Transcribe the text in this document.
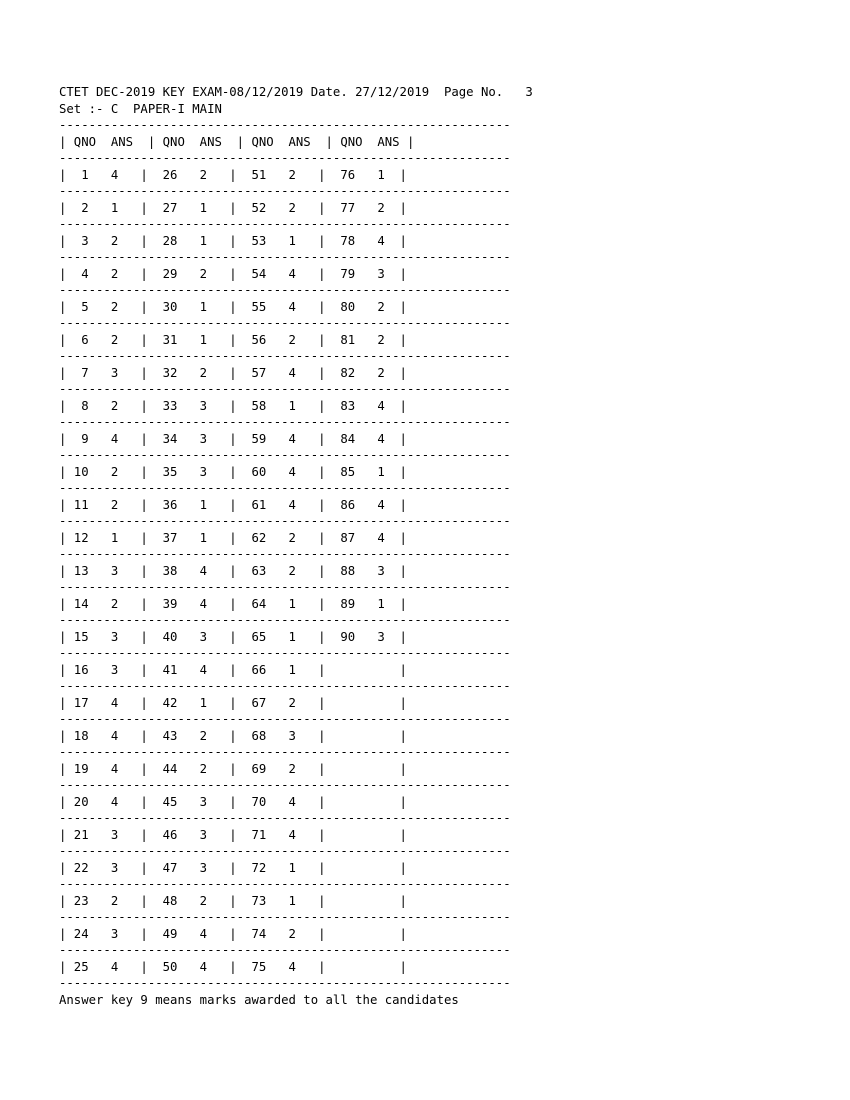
CTET DEC-2019 KEY EXAM-08/12/2019 Date. 27/12/2019  Page No.   3
Set :- C  PAPER-I MAIN
-------------------------------------------------------------
| QNO  ANS  | QNO  ANS  | QNO  ANS  | QNO  ANS |
-------------------------------------------------------------
|  1   4   |  26   2   |  51   2   |  76   1  |
-------------------------------------------------------------
|  2   1   |  27   1   |  52   2   |  77   2  |
-------------------------------------------------------------
|  3   2   |  28   1   |  53   1   |  78   4  |
-------------------------------------------------------------
|  4   2   |  29   2   |  54   4   |  79   3  |
-------------------------------------------------------------
|  5   2   |  30   1   |  55   4   |  80   2  |
-------------------------------------------------------------
|  6   2   |  31   1   |  56   2   |  81   2  |
-------------------------------------------------------------
|  7   3   |  32   2   |  57   4   |  82   2  |
-------------------------------------------------------------
|  8   2   |  33   3   |  58   1   |  83   4  |
-------------------------------------------------------------
|  9   4   |  34   3   |  59   4   |  84   4  |
-------------------------------------------------------------
| 10   2   |  35   3   |  60   4   |  85   1  |
-------------------------------------------------------------
| 11   2   |  36   1   |  61   4   |  86   4  |
-------------------------------------------------------------
| 12   1   |  37   1   |  62   2   |  87   4  |
-------------------------------------------------------------
| 13   3   |  38   4   |  63   2   |  88   3  |
-------------------------------------------------------------
| 14   2   |  39   4   |  64   1   |  89   1  |
-------------------------------------------------------------
| 15   3   |  40   3   |  65   1   |  90   3  |
-------------------------------------------------------------
| 16   3   |  41   4   |  66   1   |          |
-------------------------------------------------------------
| 17   4   |  42   1   |  67   2   |          |
-------------------------------------------------------------
| 18   4   |  43   2   |  68   3   |          |
-------------------------------------------------------------
| 19   4   |  44   2   |  69   2   |          |
-------------------------------------------------------------
| 20   4   |  45   3   |  70   4   |          |
-------------------------------------------------------------
| 21   3   |  46   3   |  71   4   |          |
-------------------------------------------------------------
| 22   3   |  47   3   |  72   1   |          |
-------------------------------------------------------------
| 23   2   |  48   2   |  73   1   |          |
-------------------------------------------------------------
| 24   3   |  49   4   |  74   2   |          |
-------------------------------------------------------------
| 25   4   |  50   4   |  75   4   |          |
-------------------------------------------------------------
Answer key 9 means marks awarded to all the candidates
